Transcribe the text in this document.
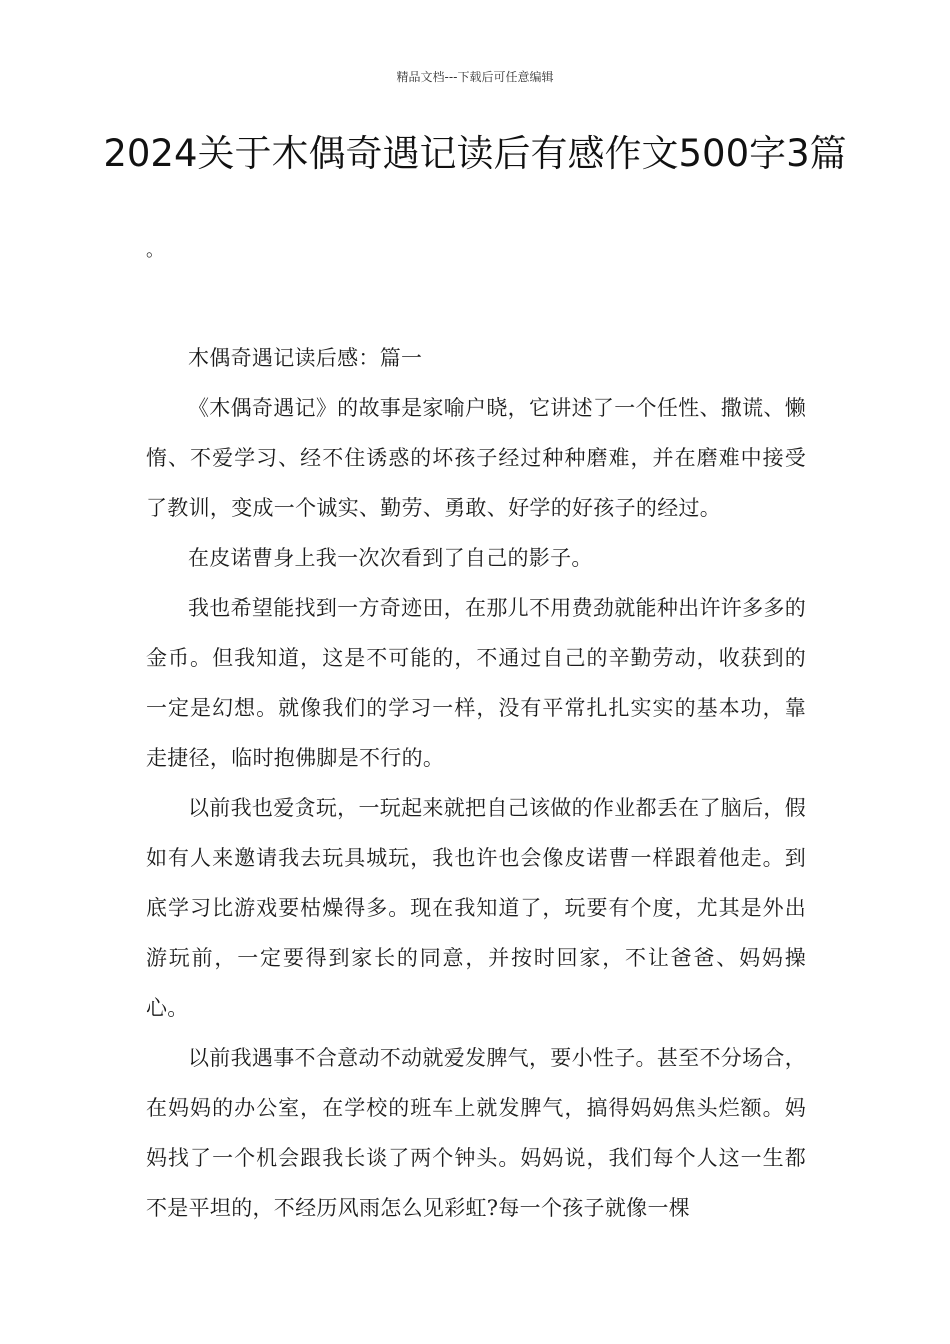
精品文档---下载后可任意编辑
2024关于木偶奇遇记读后有感作文500字3篇
。

木偶奇遇记读后感：篇一

《木偶奇遇记》的故事是家喻户晓，它讲述了一个任性、撒谎、懒惰、不爱学习、经不住诱惑的坏孩子经过种种磨难，并在磨难中接受了教训，变成一个诚实、勤劳、勇敢、好学的好孩子的经过。

在皮诺曹身上我一次次看到了自己的影子。

我也希望能找到一方奇迹田，在那儿不用费劲就能种出许许多多的金币。但我知道，这是不可能的，不通过自己的辛勤劳动，收获到的一定是幻想。就像我们的学习一样，没有平常扎扎实实的基本功，靠走捷径，临时抱佛脚是不行的。

以前我也爱贪玩，一玩起来就把自己该做的作业都丢在了脑后，假如有人来邀请我去玩具城玩，我也许也会像皮诺曹一样跟着他走。到底学习比游戏要枯燥得多。现在我知道了，玩要有个度，尤其是外出游玩前，一定要得到家长的同意，并按时回家，不让爸爸、妈妈操心。

以前我遇事不合意动不动就爱发脾气，要小性子。甚至不分场合，在妈妈的办公室，在学校的班车上就发脾气，搞得妈妈焦头烂额。妈妈找了一个机会跟我长谈了两个钟头。妈妈说，我们每个人这一生都不是平坦的，不经历风雨怎么见彩虹?每一个孩子就像一棵
